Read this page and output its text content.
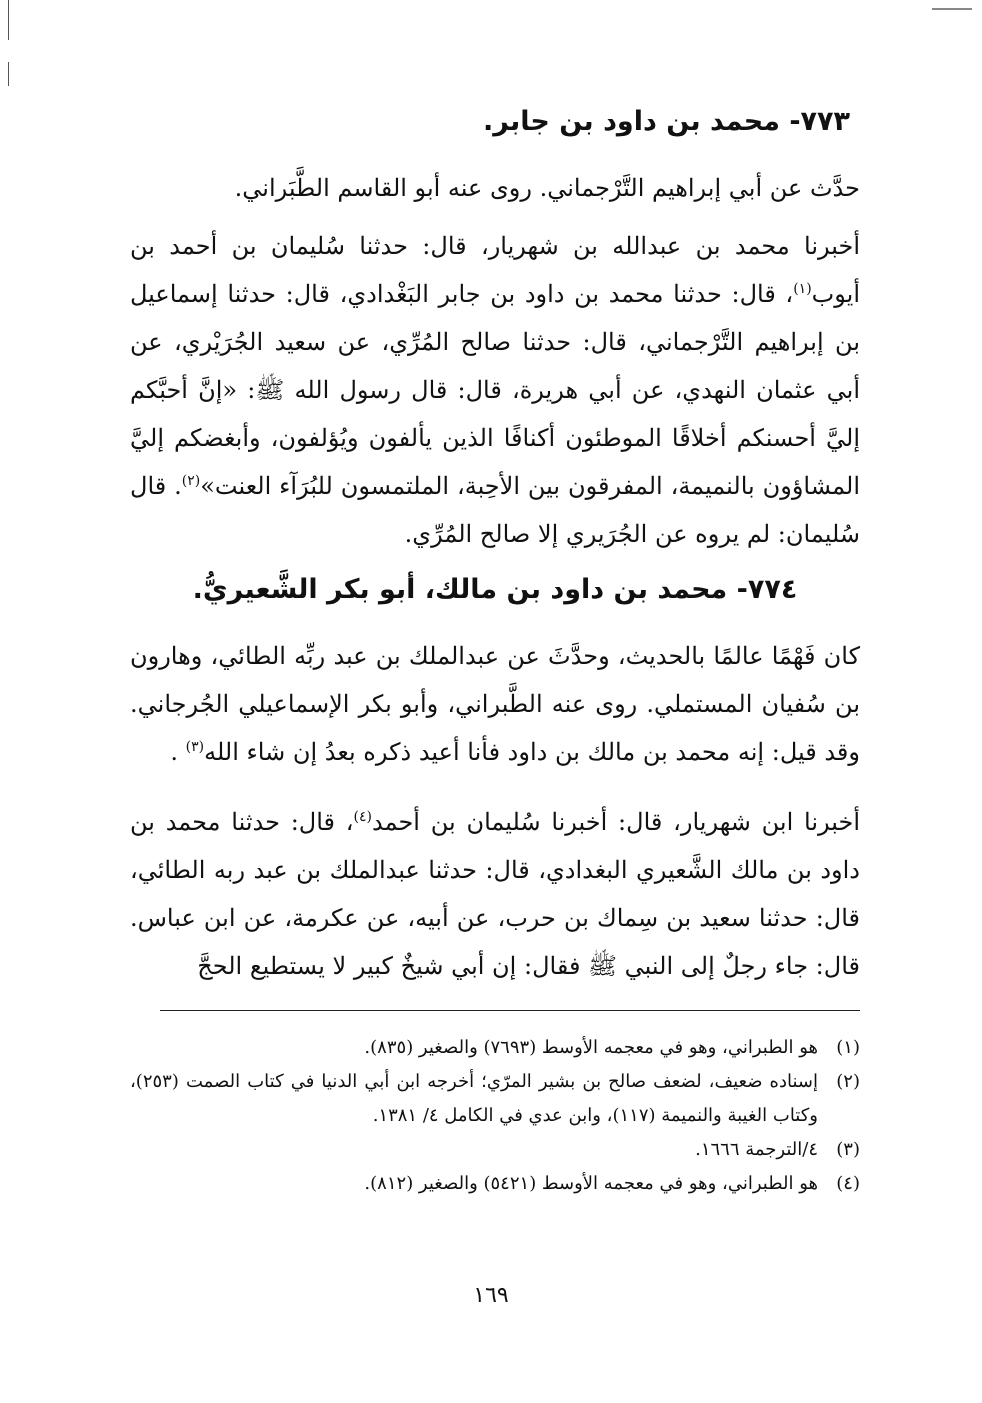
٧٧٣- محمد بن داود بن جابر.

حدَّث عن أبي إبراهيم التَّرْجماني. روى عنه أبو القاسم الطَّبَراني.

أخبرنا محمد بن عبدالله بن شهريار، قال: حدثنا سُليمان بن أحمد بن أيوب$^{(١)}$، قال: حدثنا محمد بن داود بن جابر البَغْدادي، قال: حدثنا إسماعيل بن إبراهيم التَّرْجماني، قال: حدثنا صالح المُرِّي، عن سعيد الجُرَيْري، عن أبي عثمان النهدي، عن أبي هريرة، قال: قال رسول الله ﷺ: «إنَّ أحبَّكم إليَّ أحسنكم أخلاقًا الموطئون أكنافًا الذين يألفون ويُؤلفون، وأبغضكم إليَّ المشاؤون بالنميمة، المفرقون بين الأحِبة، الملتمسون للبُرَآء العنت»$^{(٢)}$. قال سُليمان: لم يروه عن الجُرَيري إلا صالح المُرِّي.

٧٧٤- محمد بن داود بن مالك، أبو بكر الشَّعيريُّ.

كان فَهْمًا عالمًا بالحديث، وحدَّثَ عن عبدالملك بن عبد ربِّه الطائي، وهارون بن سُفيان المستملي. روى عنه الطَّبراني، وأبو بكر الإسماعيلي الجُرجاني. وقد قيل: إنه محمد بن مالك بن داود فأنا أعيد ذكره بعدُ إن شاء الله$^{(٣)}$ .

أخبرنا ابن شهريار، قال: أخبرنا سُليمان بن أحمد$^{(٤)}$، قال: حدثنا محمد بن داود بن مالك الشَّعيري البغدادي، قال: حدثنا عبدالملك بن عبد ربه الطائي، قال: حدثنا سعيد بن سِماك بن حرب، عن أبيه، عن عكرمة، عن ابن عباس. قال: جاء رجلٌ إلى النبي ﷺ فقال: إن أبي شيخٌ كبير لا يستطيع الحجَّ

(١)
هو الطبراني، وهو في معجمه الأوسط (٧٦٩٣) والصغير (٨٣٥).
(٢)
إسناده ضعيف، لضعف صالح بن بشير المرّي؛ أخرجه ابن أبي الدنيا في كتاب الصمت (٢٥٣)، وكتاب الغيبة والنميمة (١١٧)، وابن عدي في الكامل ٤/ ١٣٨١.
(٣)
٤/الترجمة ١٦٦٦.
(٤)
هو الطبراني، وهو في معجمه الأوسط (٥٤٢١) والصغير (٨١٢).
١٦٩
